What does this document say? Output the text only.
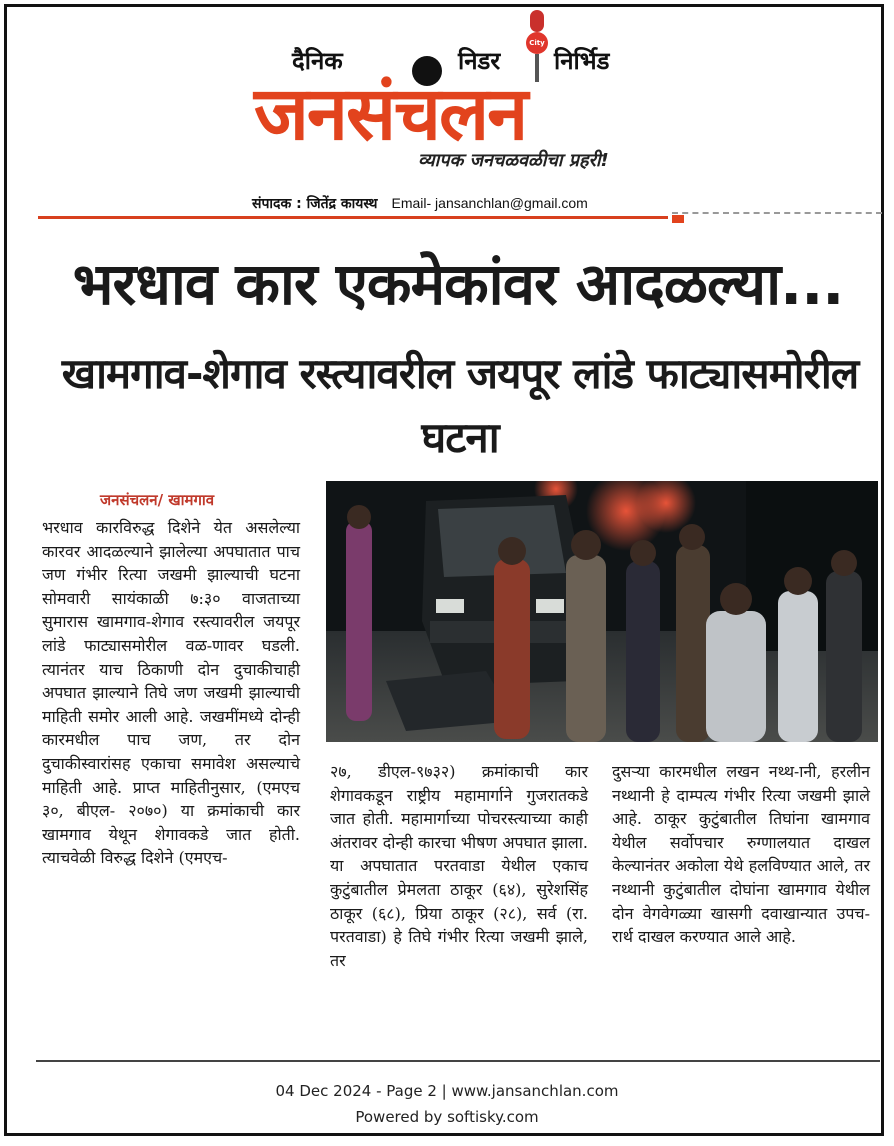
दैनिक	निडर
City
निर्भिड
जनसंचलन
व्यापक जनचळवळीचा प्रहरी!
संपादक : जितेंद्र कायस्थ Email- jansanchlan@gmail.com
भरधाव कार एकमेकांवर आदळल्या...
खामगाव-शेगाव रस्त्यावरील जयपूर लांडे फाट्यासमोरील घटना
जनसंचलन/ खामगाव
भरधाव कारविरुद्ध दिशेने येत असलेल्या कारवर आदळल्याने झालेल्या अपघातात पाच जण गंभीर रित्या जखमी झाल्याची घटना सोमवारी सायंकाळी ७:३० वाजताच्या सुमारास खामगाव-शेगाव रस्त्यावरील जयपूर लांडे फाट्यासमोरील वळ-णावर घडली. त्यानंतर याच ठिकाणी दोन दुचाकीचाही अपघात झाल्याने तिघे जण जखमी झाल्याची माहिती समोर आली आहे. जखमींमध्ये दोन्ही कारमधील पाच जण, तर दोन दुचाकीस्वारांसह एकाचा समावेश असल्याचे माहिती आहे. प्राप्त माहितीनुसार, (एमएच ३०, बीएल- २०७०) या क्रमांकाची कार खामगाव येथून शेगावकडे जात होती. त्याचवेळी विरुद्ध दिशेने (एमएच-
२७, डीएल-९७३२) क्रमांकाची कार शेगावकडून राष्ट्रीय महामार्गाने गुजरातकडे जात होती. महामार्गाच्या पोचरस्त्याच्या काही अंतरावर दोन्ही कारचा भीषण अपघात झाला. या अपघातात परतवाडा येथील एकाच कुटुंबातील प्रेमलता ठाकूर (६४), सुरेशसिंह ठाकूर (६८), प्रिया ठाकूर (२८), सर्व (रा. परतवाडा) हे तिघे गंभीर रित्या जखमी झाले, तर
दुसऱ्या कारमधील लखन नथ्थ-ानी, हरलीन नथ्थानी हे दाम्पत्य गंभीर रित्या जखमी झाले आहे. ठाकूर कुटुंबातील तिघांना खामगाव येथील सर्वोपचार रुग्णालयात दाखल केल्यानंतर अकोला येथे हलविण्यात आले, तर नथ्थानी कुटुंबातील दोघांना खामगाव येथील दोन वेगवेगळ्या खासगी दवाखान्यात उपच-रार्थ दाखल करण्यात आले आहे.
04 Dec 2024 - Page 2 | www.jansanchlan.com
Powered by softisky.com
